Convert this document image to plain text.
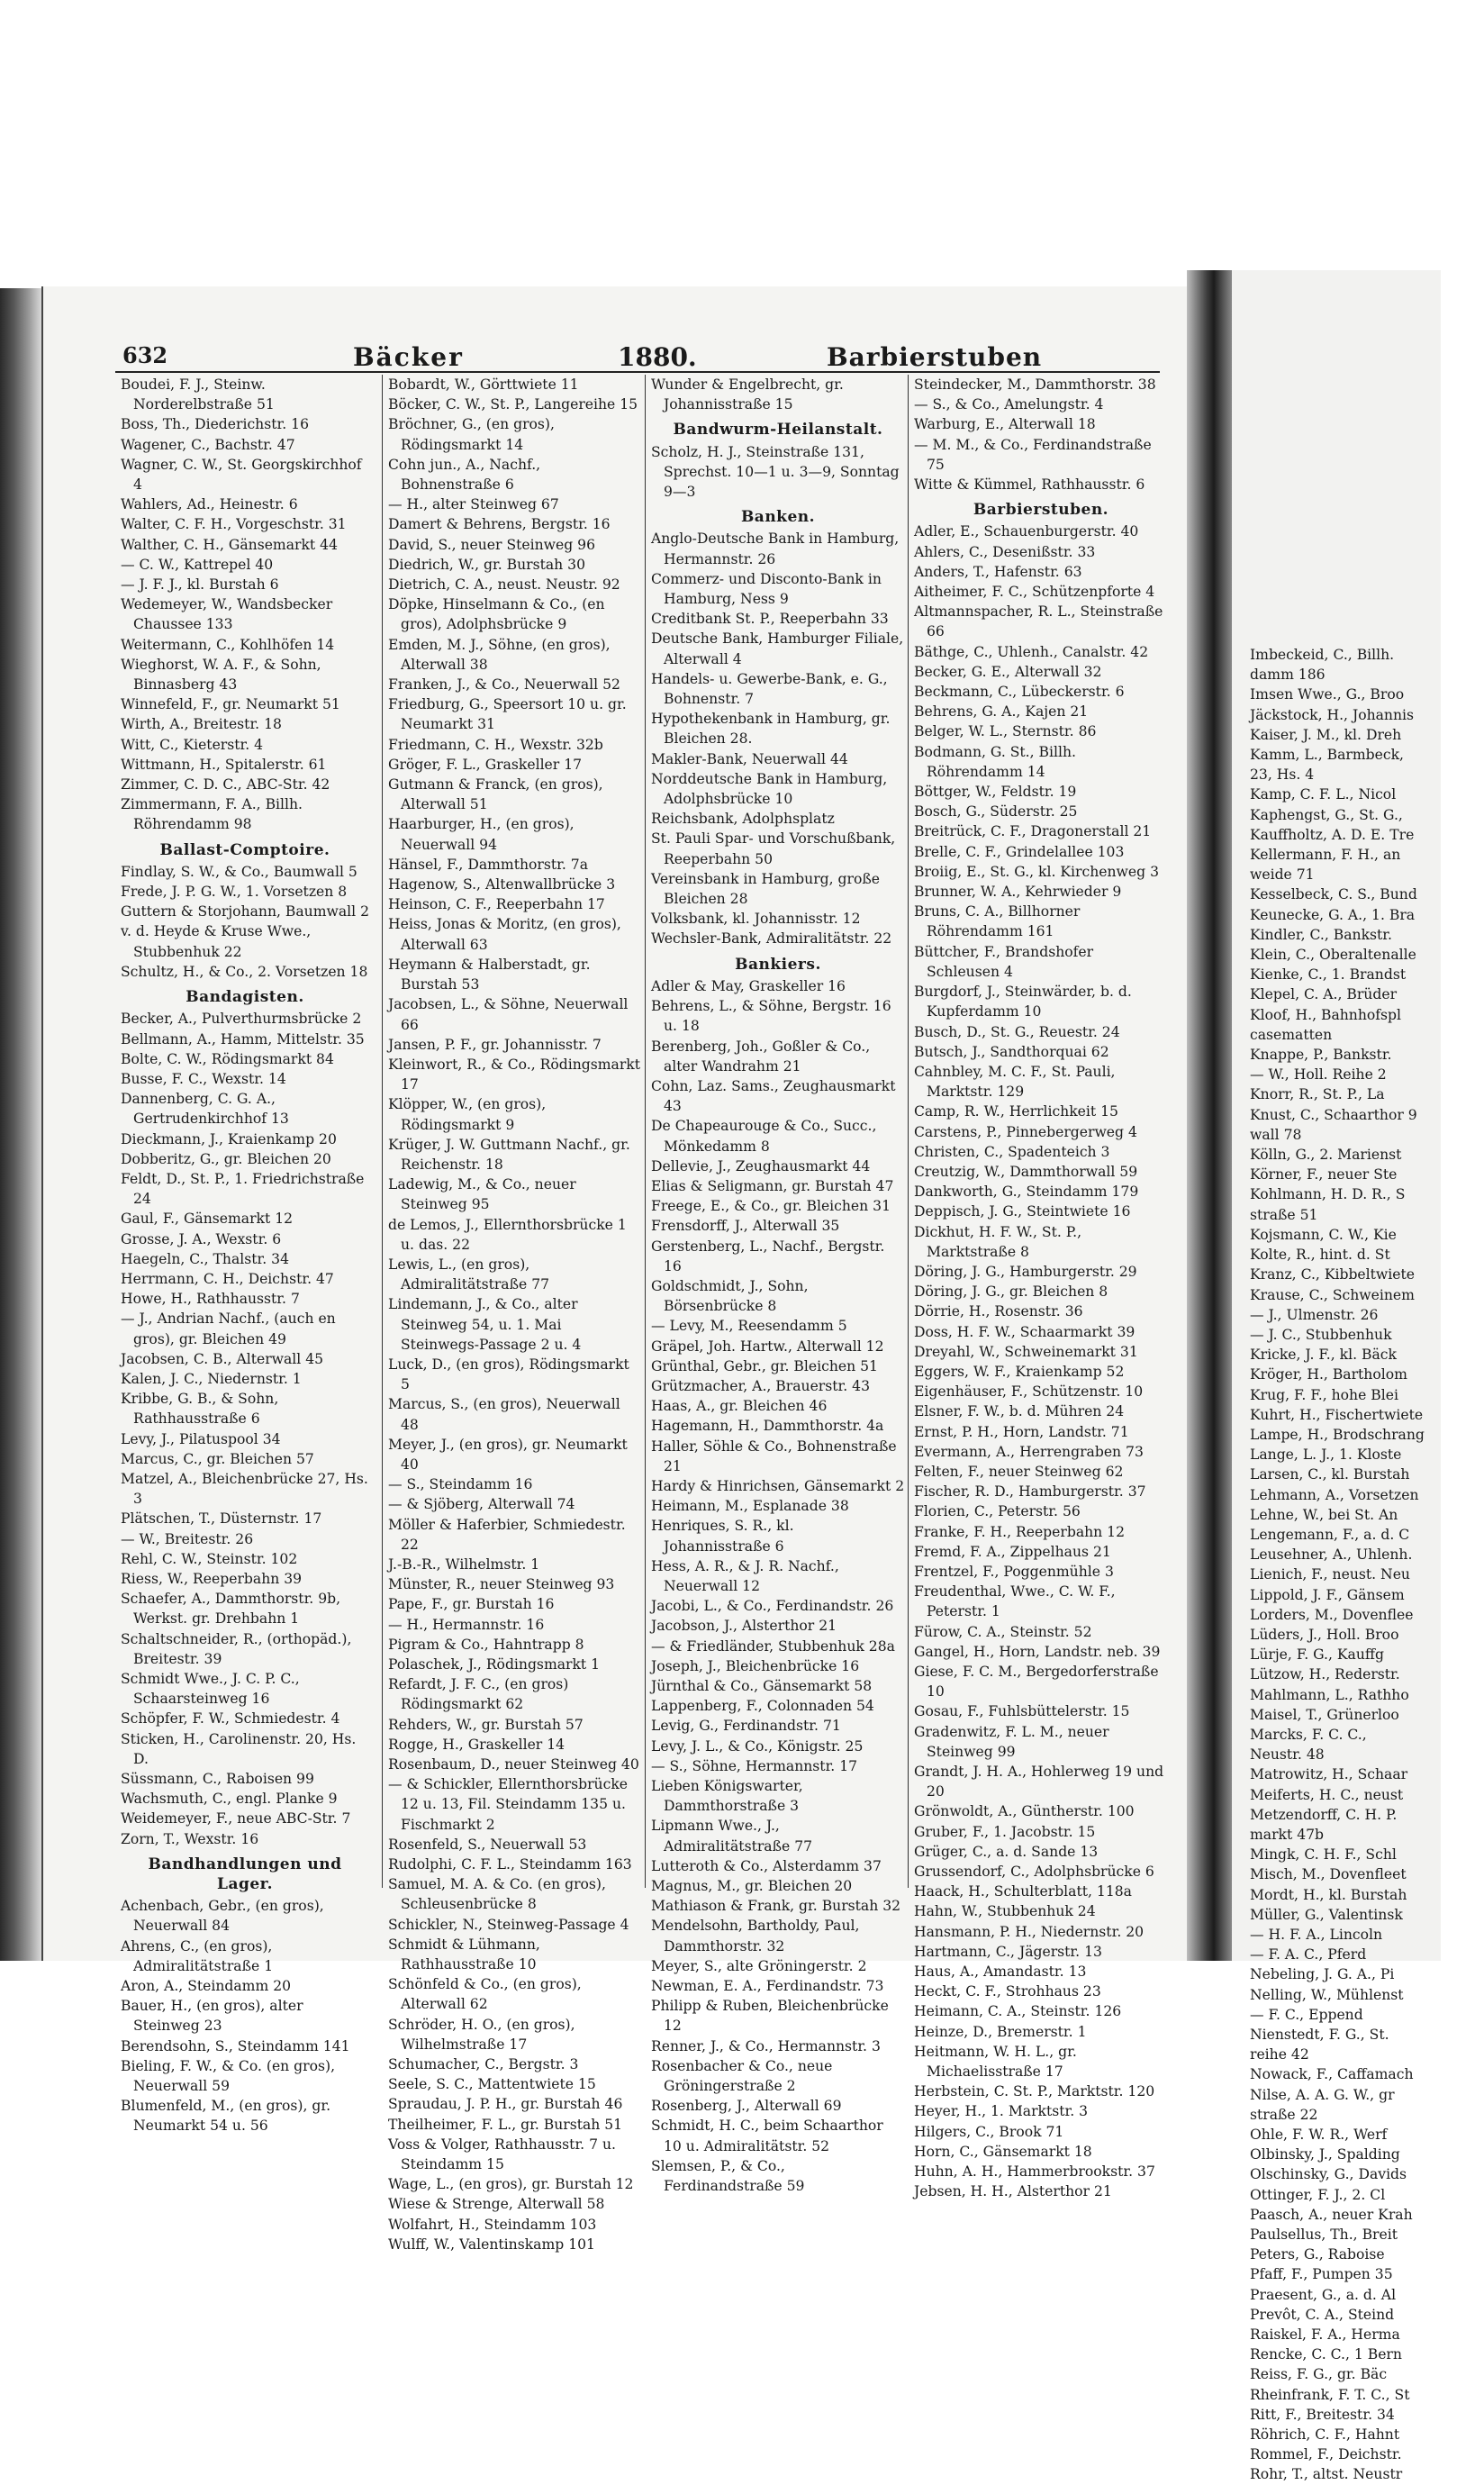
Imbeckeid, C., Billh.
damm 186
Imsen Wwe., G., Broo
Jäckstock, H., Johannis
Kaiser, J. M., kl. Dreh
Kamm, L., Barmbeck,
23, Hs. 4
Kamp, C. F. L., Nicol
Kaphengst, G., St. G.,
Kauffholtz, A. D. E. Tre
Kellermann, F. H., an
weide 71
Kesselbeck, C. S., Bund
Keunecke, G. A., 1. Bra
Kindler, C., Bankstr.
Klein, C., Oberaltenalle
Kienke, C., 1. Brandst
Klepel, C. A., Brüder
Kloof, H., Bahnhofspl
casematten
Knappe, P., Bankstr.
— W., Holl. Reihe 2
Knorr, R., St. P., La
Knust, C., Schaarthor 9
wall 78
Kölln, G., 2. Marienst
Körner, F., neuer Ste
Kohlmann, H. D. R., S
straße 51
Kojsmann, C. W., Kie
Kolte, R., hint. d. St
Kranz, C., Kibbeltwiete
Krause, C., Schweinem
— J., Ulmenstr. 26
— J. C., Stubbenhuk
Kricke, J. F., kl. Bäck
Kröger, H., Bartholom
Krug, F. F., hohe Blei
Kuhrt, H., Fischertwiete
Lampe, H., Brodschrang
Lange, L. J., 1. Kloste
Larsen, C., kl. Burstah
Lehmann, A., Vorsetzen
Lehne, W., bei St. An
Lengemann, F., a. d. C
Leusehner, A., Uhlenh.
Lienich, F., neust. Neu
Lippold, J. F., Gänsem
Lorders, M., Dovenflee
Lüders, J., Holl. Broo
Lürje, F. G., Kauffg
Lützow, H., Rederstr.
Mahlmann, L., Rathho
Maisel, T., Grünerloo
Marcks, F. C. C.,
Neustr. 48
Matrowitz, H., Schaar
Meiferts, H. C., neust
Metzendorff, C. H. P.
markt 47b
Mingk, C. H. F., Schl
Misch, M., Dovenfleet
Mordt, H., kl. Burstah
Müller, G., Valentinsk
— H. F. A., Lincoln
— F. A. C., Pferd
Nebeling, J. G. A., Pi
Nelling, W., Mühlenst
— F. C., Eppend
Nienstedt, F. G., St.
reihe 42
Nowack, F., Caffamach
Nilse, A. A. G. W., gr
straße 22
Ohle, F. W. R., Werf
Olbinsky, J., Spalding
Olschinsky, G., Davids
Ottinger, F. J., 2. Cl
Paasch, A., neuer Krah
Paulsellus, Th., Breit
Peters, G., Raboise
Pfaff, F., Pumpen 35
Praesent, G., a. d. Al
Prevôt, C. A., Steind
Raiskel, F. A., Herma
Rencke, C. C., 1 Bern
Reiss, F. G., gr. Bäc
Rheinfrank, F. T. C., St
Ritt, F., Breitestr. 34
Röhrich, C. F., Hahnt
Rommel, F., Deichstr.
Rohr, T., altst. Neustr
632	Bäcker	1880.	Barbierstuben
Boudei, F. J., Steinw. Norderelbstraße 51
Boss, Th., Diederichstr. 16
Wagener, C., Bachstr. 47
Wagner, C. W., St. Georgskirchhof 4
Wahlers, Ad., Heinestr. 6
Walter, C. F. H., Vorgeschstr. 31
Walther, C. H., Gänsemarkt 44
— C. W., Kattrepel 40
— J. F. J., kl. Burstah 6
Wedemeyer, W., Wandsbecker Chaussee 133
Weitermann, C., Kohlhöfen 14
Wieghorst, W. A. F., & Sohn, Binnasberg 43
Winnefeld, F., gr. Neumarkt 51
Wirth, A., Breitestr. 18
Witt, C., Kieterstr. 4
Wittmann, H., Spitalerstr. 61
Zimmer, C. D. C., ABC-Str. 42
Zimmermann, F. A., Billh. Röhrendamm 98
Ballast-Comptoire.
Findlay, S. W., & Co., Baumwall 5
Frede, J. P. G. W., 1. Vorsetzen 8
Guttern & Storjohann, Baumwall 2
v. d. Heyde & Kruse Wwe., Stubbenhuk 22
Schultz, H., & Co., 2. Vorsetzen 18
Bandagisten.
Becker, A., Pulverthurmsbrücke 2
Bellmann, A., Hamm, Mittelstr. 35
Bolte, C. W., Rödingsmarkt 84
Busse, F. C., Wexstr. 14
Dannenberg, C. G. A., Gertrudenkirchhof 13
Dieckmann, J., Kraienkamp 20
Dobberitz, G., gr. Bleichen 20
Feldt, D., St. P., 1. Friedrichstraße 24
Gaul, F., Gänsemarkt 12
Grosse, J. A., Wexstr. 6
Haegeln, C., Thalstr. 34
Herrmann, C. H., Deichstr. 47
Howe, H., Rathhausstr. 7
— J., Andrian Nachf., (auch en gros), gr. Bleichen 49
Jacobsen, C. B., Alterwall 45
Kalen, J. C., Niedernstr. 1
Kribbe, G. B., & Sohn, Rathhausstraße 6
Levy, J., Pilatuspool 34
Marcus, C., gr. Bleichen 57
Matzel, A., Bleichenbrücke 27, Hs. 3
Plätschen, T., Düsternstr. 17
— W., Breitestr. 26
Rehl, C. W., Steinstr. 102
Riess, W., Reeperbahn 39
Schaefer, A., Dammthorstr. 9b, Werkst. gr. Drehbahn 1
Schaltschneider, R., (orthopäd.), Breitestr. 39
Schmidt Wwe., J. C. P. C., Schaarsteinweg 16
Schöpfer, F. W., Schmiedestr. 4
Sticken, H., Carolinenstr. 20, Hs. D.
Süssmann, C., Raboisen 99
Wachsmuth, C., engl. Planke 9
Weidemeyer, F., neue ABC-Str. 7
Zorn, T., Wexstr. 16
Bandhandlungen und Lager.
Achenbach, Gebr., (en gros), Neuerwall 84
Ahrens, C., (en gros), Admiralitätstraße 1
Aron, A., Steindamm 20
Bauer, H., (en gros), alter Steinweg 23
Berendsohn, S., Steindamm 141
Bieling, F. W., & Co. (en gros), Neuerwall 59
Blumenfeld, M., (en gros), gr. Neumarkt 54 u. 56
Bobardt, W., Görttwiete 11
Böcker, C. W., St. P., Langereihe 15
Bröchner, G., (en gros), Rödingsmarkt 14
Cohn jun., A., Nachf., Bohnenstraße 6
— H., alter Steinweg 67
Damert & Behrens, Bergstr. 16
David, S., neuer Steinweg 96
Diedrich, W., gr. Burstah 30
Dietrich, C. A., neust. Neustr. 92
Döpke, Hinselmann & Co., (en gros), Adolphsbrücke 9
Emden, M. J., Söhne, (en gros), Alterwall 38
Franken, J., & Co., Neuerwall 52
Friedburg, G., Speersort 10 u. gr. Neumarkt 31
Friedmann, C. H., Wexstr. 32b
Gröger, F. L., Graskeller 17
Gutmann & Franck, (en gros), Alterwall 51
Haarburger, H., (en gros), Neuerwall 94
Hänsel, F., Dammthorstr. 7a
Hagenow, S., Altenwallbrücke 3
Heinson, C. F., Reeperbahn 17
Heiss, Jonas & Moritz, (en gros), Alterwall 63
Heymann & Halberstadt, gr. Burstah 53
Jacobsen, L., & Söhne, Neuerwall 66
Jansen, P. F., gr. Johannisstr. 7
Kleinwort, R., & Co., Rödingsmarkt 17
Klöpper, W., (en gros), Rödingsmarkt 9
Krüger, J. W. Guttmann Nachf., gr. Reichenstr. 18
Ladewig, M., & Co., neuer Steinweg 95
de Lemos, J., Ellernthorsbrücke 1 u. das. 22
Lewis, L., (en gros), Admiralitätstraße 77
Lindemann, J., & Co., alter Steinweg 54, u. 1. Mai Steinwegs-Passage 2 u. 4
Luck, D., (en gros), Rödingsmarkt 5
Marcus, S., (en gros), Neuerwall 48
Meyer, J., (en gros), gr. Neumarkt 40
— S., Steindamm 16
— & Sjöberg, Alterwall 74
Möller & Haferbier, Schmiedestr. 22
J.-B.-R., Wilhelmstr. 1
Münster, R., neuer Steinweg 93
Pape, F., gr. Burstah 16
— H., Hermannstr. 16
Pigram & Co., Hahntrapp 8
Polaschek, J., Rödingsmarkt 1
Refardt, J. F. C., (en gros) Rödingsmarkt 62
Rehders, W., gr. Burstah 57
Rogge, H., Graskeller 14
Rosenbaum, D., neuer Steinweg 40
— & Schickler, Ellernthorsbrücke 12 u. 13, Fil. Steindamm 135 u. Fischmarkt 2
Rosenfeld, S., Neuerwall 53
Rudolphi, C. F. L., Steindamm 163
Samuel, M. A. & Co. (en gros), Schleusenbrücke 8
Schickler, N., Steinweg-Passage 4
Schmidt & Lühmann, Rathhausstraße 10
Schönfeld & Co., (en gros), Alterwall 62
Schröder, H. O., (en gros), Wilhelmstraße 17
Schumacher, C., Bergstr. 3
Seele, S. C., Mattentwiete 15
Spraudau, J. P. H., gr. Burstah 46
Theilheimer, F. L., gr. Burstah 51
Voss & Volger, Rathhausstr. 7 u. Steindamm 15
Wage, L., (en gros), gr. Burstah 12
Wiese & Strenge, Alterwall 58
Wolfahrt, H., Steindamm 103
Wulff, W., Valentinskamp 101
Wunder & Engelbrecht, gr. Johannisstraße 15
Bandwurm-Heilanstalt.
Scholz, H. J., Steinstraße 131, Sprechst. 10—1 u. 3—9, Sonntag 9—3
Banken.
Anglo-Deutsche Bank in Hamburg, Hermannstr. 26
Commerz- und Disconto-Bank in Hamburg, Ness 9
Creditbank St. P., Reeperbahn 33
Deutsche Bank, Hamburger Filiale, Alterwall 4
Handels- u. Gewerbe-Bank, e. G., Bohnenstr. 7
Hypothekenbank in Hamburg, gr. Bleichen 28.
Makler-Bank, Neuerwall 44
Norddeutsche Bank in Hamburg, Adolphsbrücke 10
Reichsbank, Adolphsplatz
St. Pauli Spar- und Vorschußbank, Reeperbahn 50
Vereinsbank in Hamburg, große Bleichen 28
Volksbank, kl. Johannisstr. 12
Wechsler-Bank, Admiralitätstr. 22
Bankiers.
Adler & May, Graskeller 16
Behrens, L., & Söhne, Bergstr. 16 u. 18
Berenberg, Joh., Goßler & Co., alter Wandrahm 21
Cohn, Laz. Sams., Zeughausmarkt 43
De Chapeaurouge & Co., Succ., Mönkedamm 8
Dellevie, J., Zeughausmarkt 44
Elias & Seligmann, gr. Burstah 47
Freege, E., & Co., gr. Bleichen 31
Frensdorff, J., Alterwall 35
Gerstenberg, L., Nachf., Bergstr. 16
Goldschmidt, J., Sohn, Börsenbrücke 8
— Levy, M., Reesendamm 5
Gräpel, Joh. Hartw., Alterwall 12
Grünthal, Gebr., gr. Bleichen 51
Grützmacher, A., Brauerstr. 43
Haas, A., gr. Bleichen 46
Hagemann, H., Dammthorstr. 4a
Haller, Söhle & Co., Bohnenstraße 21
Hardy & Hinrichsen, Gänsemarkt 2
Heimann, M., Esplanade 38
Henriques, S. R., kl. Johannisstraße 6
Hess, A. R., & J. R. Nachf., Neuerwall 12
Jacobi, L., & Co., Ferdinandstr. 26
Jacobson, J., Alsterthor 21
— & Friedländer, Stubbenhuk 28a
Joseph, J., Bleichenbrücke 16
Jürnthal & Co., Gänsemarkt 58
Lappenberg, F., Colonnaden 54
Levig, G., Ferdinandstr. 71
Levy, J. L., & Co., Königstr. 25
— S., Söhne, Hermannstr. 17
Lieben Königswarter, Dammthorstraße 3
Lipmann Wwe., J., Admiralitätstraße 77
Lutteroth & Co., Alsterdamm 37
Magnus, M., gr. Bleichen 20
Mathiason & Frank, gr. Burstah 32
Mendelsohn, Bartholdy, Paul, Dammthorstr. 32
Meyer, S., alte Gröningerstr. 2
Newman, E. A., Ferdinandstr. 73
Philipp & Ruben, Bleichenbrücke 12
Renner, J., & Co., Hermannstr. 3
Rosenbacher & Co., neue Gröningerstraße 2
Rosenberg, J., Alterwall 69
Schmidt, H. C., beim Schaarthor 10 u. Admiralitätstr. 52
Slemsen, P., & Co., Ferdinandstraße 59
Steindecker, M., Dammthorstr. 38
— S., & Co., Amelungstr. 4
Warburg, E., Alterwall 18
— M. M., & Co., Ferdinandstraße 75
Witte & Kümmel, Rathhausstr. 6
Barbierstuben.
Adler, E., Schauenburgerstr. 40
Ahlers, C., Desenißstr. 33
Anders, T., Hafenstr. 63
Aitheimer, F. C., Schützenpforte 4
Altmannspacher, R. L., Steinstraße 66
Bäthge, C., Uhlenh., Canalstr. 42
Becker, G. E., Alterwall 32
Beckmann, C., Lübeckerstr. 6
Behrens, G. A., Kajen 21
Belger, W. L., Sternstr. 86
Bodmann, G. St., Billh. Röhrendamm 14
Böttger, W., Feldstr. 19
Bosch, G., Süderstr. 25
Breitrück, C. F., Dragonerstall 21
Brelle, C. F., Grindelallee 103
Broiig, E., St. G., kl. Kirchenweg 3
Brunner, W. A., Kehrwieder 9
Bruns, C. A., Billhorner Röhrendamm 161
Büttcher, F., Brandshofer Schleusen 4
Burgdorf, J., Steinwärder, b. d. Kupferdamm 10
Busch, D., St. G., Reuestr. 24
Butsch, J., Sandthorquai 62
Cahnbley, M. C. F., St. Pauli, Marktstr. 129
Camp, R. W., Herrlichkeit 15
Carstens, P., Pinnebergerweg 4
Christen, C., Spadenteich 3
Creutzig, W., Dammthorwall 59
Dankworth, G., Steindamm 179
Deppisch, J. G., Steintwiete 16
Dickhut, H. F. W., St. P., Marktstraße 8
Döring, J. G., Hamburgerstr. 29
Döring, J. G., gr. Bleichen 8
Dörrie, H., Rosenstr. 36
Doss, H. F. W., Schaarmarkt 39
Dreyahl, W., Schweinemarkt 31
Eggers, W. F., Kraienkamp 52
Eigenhäuser, F., Schützenstr. 10
Elsner, F. W., b. d. Mühren 24
Ernst, P. H., Horn, Landstr. 71
Evermann, A., Herrengraben 73
Felten, F., neuer Steinweg 62
Fischer, R. D., Hamburgerstr. 37
Florien, C., Peterstr. 56
Franke, F. H., Reeperbahn 12
Fremd, F. A., Zippelhaus 21
Frentzel, F., Poggenmühle 3
Freudenthal, Wwe., C. W. F., Peterstr. 1
Fürow, C. A., Steinstr. 52
Gangel, H., Horn, Landstr. neb. 39
Giese, F. C. M., Bergedorferstraße 10
Gosau, F., Fuhlsbüttelerstr. 15
Gradenwitz, F. L. M., neuer Steinweg 99
Grandt, J. H. A., Hohlerweg 19 und 20
Grönwoldt, A., Güntherstr. 100
Gruber, F., 1. Jacobstr. 15
Grüger, C., a. d. Sande 13
Grussendorf, C., Adolphsbrücke 6
Haack, H., Schulterblatt, 118a
Hahn, W., Stubbenhuk 24
Hansmann, P. H., Niedernstr. 20
Hartmann, C., Jägerstr. 13
Haus, A., Amandastr. 13
Heckt, C. F., Strohhaus 23
Heimann, C. A., Steinstr. 126
Heinze, D., Bremerstr. 1
Heitmann, W. H. L., gr. Michaelisstraße 17
Herbstein, C. St. P., Marktstr. 120
Heyer, H., 1. Marktstr. 3
Hilgers, C., Brook 71
Horn, C., Gänsemarkt 18
Huhn, A. H., Hammerbrookstr. 37
Jebsen, H. H., Alsterthor 21
